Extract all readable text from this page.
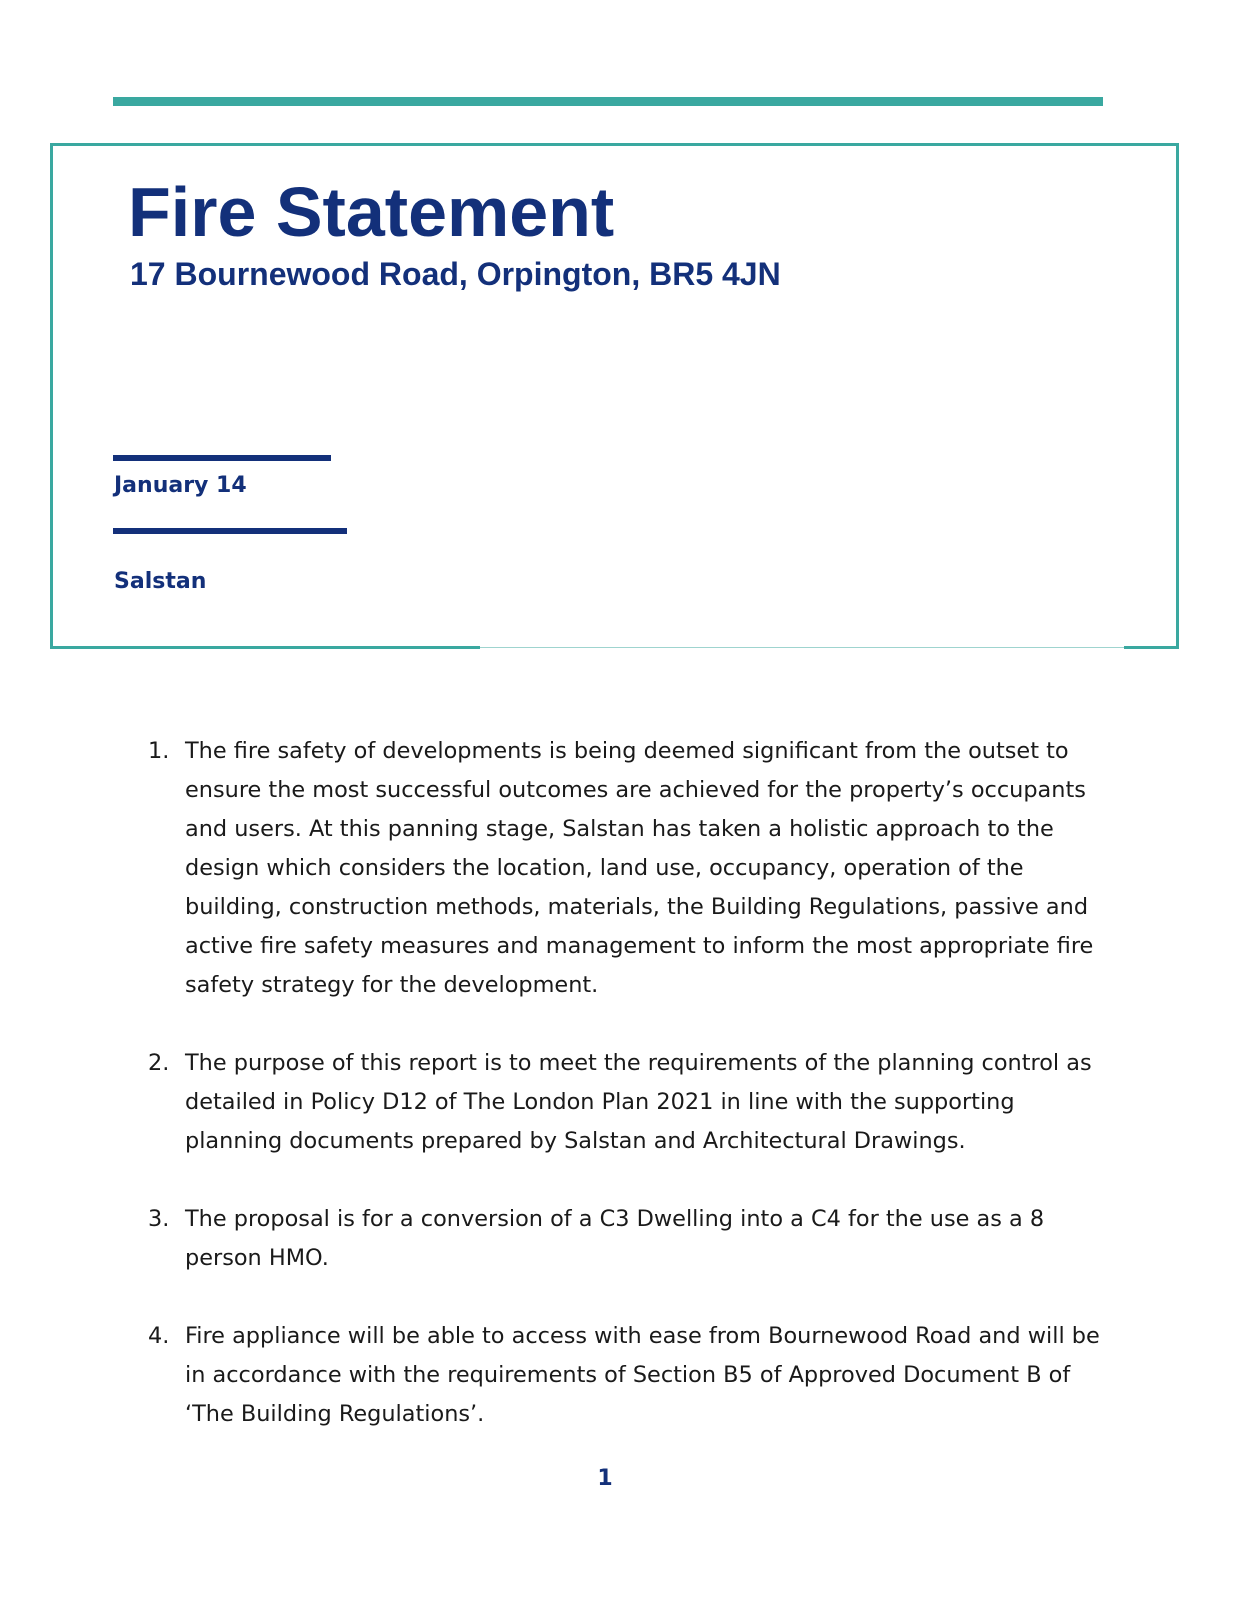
Fire Statement
17 Bournewood Road, Orpington, BR5 4JN

January 14

Salstan

1. The fire safety of developments is being deemed significant from the outset to ensure the most successful outcomes are achieved for the property’s occupants and users. At this panning stage, Salstan has taken a holistic approach to the design which considers the location, land use, occupancy, operation of the building, construction methods, materials, the Building Regulations, passive and active fire safety measures and management to inform the most appropriate fire safety strategy for the development.
2. The purpose of this report is to meet the requirements of the planning control as detailed in Policy D12 of The London Plan 2021 in line with the supporting planning documents prepared by Salstan and Architectural Drawings.
3. The proposal is for a conversion of a C3 Dwelling into a C4 for the use as a 8 person HMO.
4. Fire appliance will be able to access with ease from Bournewood Road and will be in accordance with the requirements of Section B5 of Approved Document B of ‘The Building Regulations’.

1
